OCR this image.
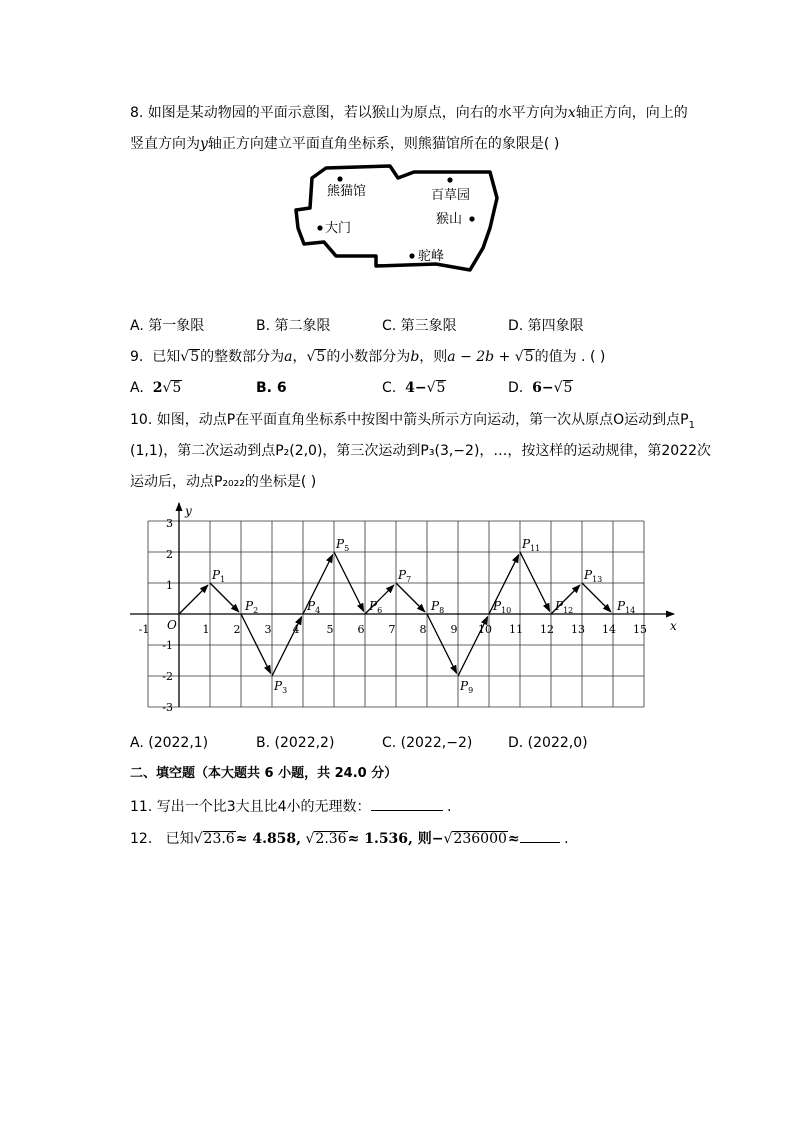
8. 如图是某动物园的平面示意图，若以猴山为原点，向右的水平方向为x轴正方向，向上的
竖直方向为y轴正方向建立平面直角坐标系，则熊猫馆所在的象限是( )
熊猫馆	百草园
猴山
大门
驼峰
A. 第一象限	B. 第二象限	C. 第三象限	D. 第四象限
9. 已知√5的整数部分为a，√5的小数部分为b，则a − 2b + √5的值为 . ( )
A. 2√5	B. 6	C. 4−√5	D. 6−√5
10. 如图，动点P在平面直角坐标系中按图中箭头所示方向运动，第一次从原点O运动到点$P_1$
(1,1)，第二次运动到点P₂(2,0)，第三次运动到P₃(3,−2)，…，按这样的运动规律，第2022次
运动后，动点P₂₀₂₂的坐标是( )
x
y
O
-1	1 2 3 4 5 6 7 8 9 10 11 12 13 14 15
3
2
1
-1
-2
-3
$P_1$
$P_2$
$P_3$
$P_4$
$P_5$
$P_6$
$P_7$
$P_8$
$P_9$
$P_{10}$
$P_{11}$
$P_{12}$
$P_{13}$
$P_{14}$
A. (2022,1)	B. (2022,2)	C. (2022,−2)	D. (2022,0)
二、填空题（本大题共 6 小题，共 24.0 分）
11. 写出一个比3大且比4小的无理数：	.
12. 已知√23.6≈ 4.858, √2.36≈ 1.536, 则−√236000≈	.
